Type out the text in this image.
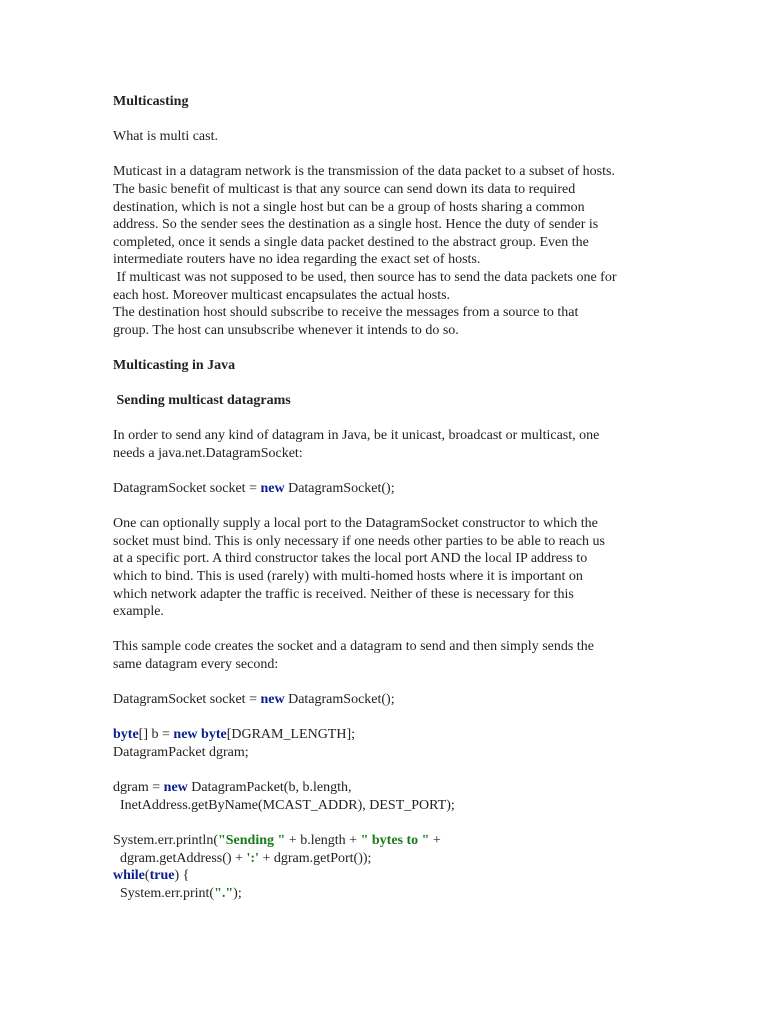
Multicasting

What is multi cast.

Muticast in a datagram network is the transmission of the data packet to a subset of hosts.
The basic benefit of multicast is that any source can send down its data to required
destination, which is not a single host but can be a group of hosts sharing a common
address. So the sender sees the destination as a single host. Hence the duty of sender is
completed, once it sends a single data packet destined to the abstract group. Even the
intermediate routers have no idea regarding the exact set of hosts.
If multicast was not supposed to be used, then source has to send the data packets one for
each host. Moreover multicast encapsulates the actual hosts.
The destination host should subscribe to receive the messages from a source to that
group. The host can unsubscribe whenever it intends to do so.

Multicasting in Java

Sending multicast datagrams

In order to send any kind of datagram in Java, be it unicast, broadcast or multicast, one
needs a java.net.DatagramSocket:
DatagramSocket socket = new DatagramSocket();
One can optionally supply a local port to the DatagramSocket constructor to which the
socket must bind. This is only necessary if one needs other parties to be able to reach us
at a specific port. A third constructor takes the local port AND the local IP address to
which to bind. This is used (rarely) with multi-homed hosts where it is important on
which network adapter the traffic is received. Neither of these is necessary for this
example.
This sample code creates the socket and a datagram to send and then simply sends the
same datagram every second:
DatagramSocket socket = new DatagramSocket();
byte[] b = new byte[DGRAM_LENGTH];
DatagramPacket dgram;
dgram = new DatagramPacket(b, b.length,
InetAddress.getByName(MCAST_ADDR), DEST_PORT);
System.err.println("Sending " + b.length + " bytes to " +
dgram.getAddress() + ':' + dgram.getPort());
while(true) {
System.err.print(".");
